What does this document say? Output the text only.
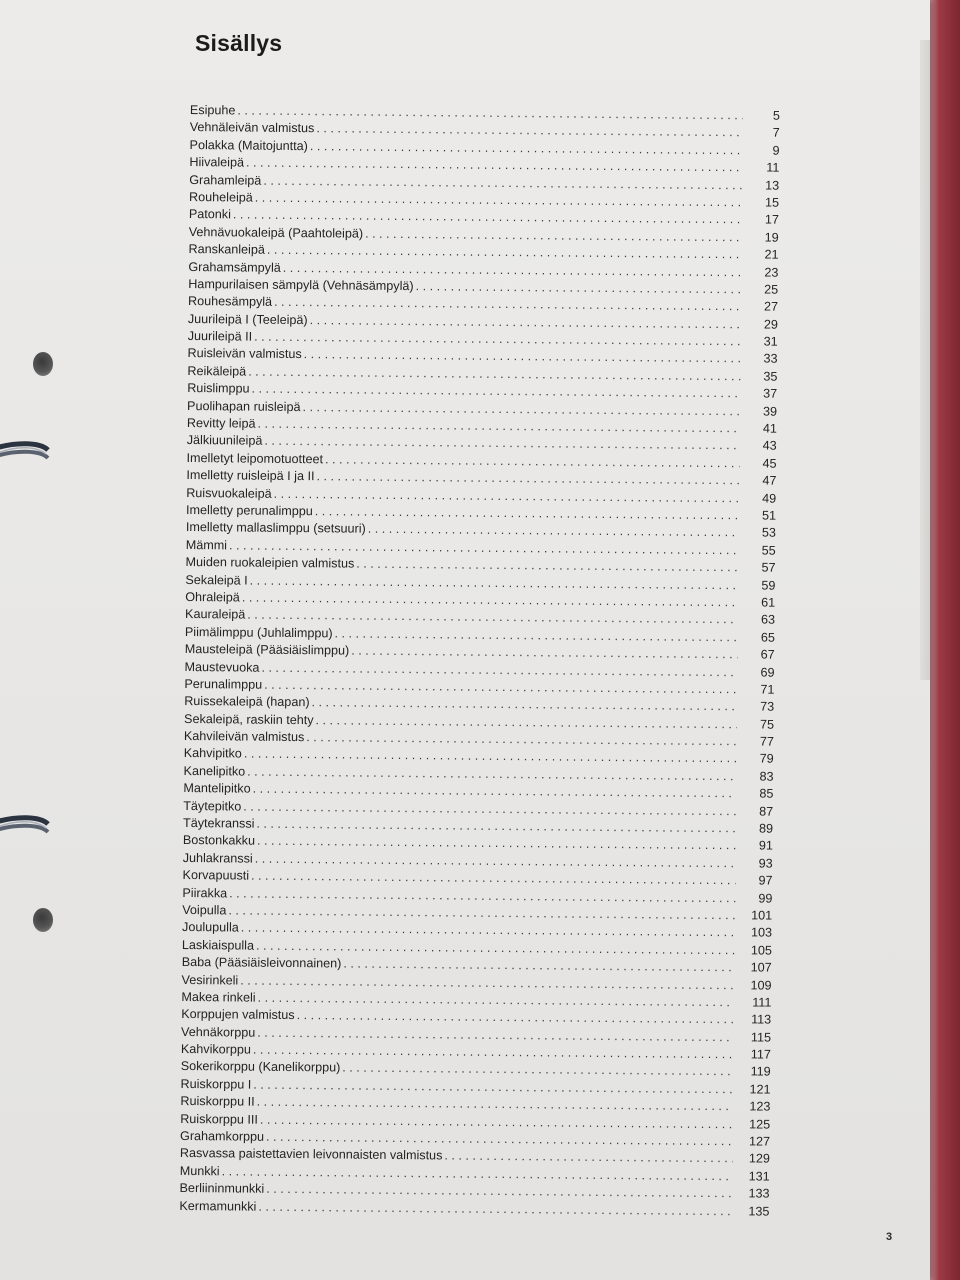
Sisällys
Esipuhe . . .	5
Vehnäleivän valmistus . . .	7
Polakka (Maitojuntta) . . .	9
Hiivaleipä . . .	11
Grahamleipä . . .	13
Rouheleipä . . .	15
Patonki . . .	17
Vehnävuokaleipä (Paahtoleipä) . . .	19
Ranskanleipä . . .	21
Grahamsämpylä . . .	23
Hampurilaisen sämpylä (Vehnäsämpylä) . . .	25
Rouhesämpylä . . .	27
Juurileipä I (Teeleipä) . . .	29
Juurileipä II . . .	31
Ruisleivän valmistus . . .	33
Reikäleipä . . .	35
Ruislimppu . . .	37
Puolihapan ruisleipä . . .	39
Revitty leipä . . .	41
Jälkiuunileipä . . .	43
Imelletyt leipomotuotteet . . .	45
Imelletty ruisleipä I ja II . . .	47
Ruisvuokaleipä . . .	49
Imelletty perunalimppu . . .	51
Imelletty mallaslimppu (setsuuri) . . .	53
Mämmi . . .	55
Muiden ruokaleipien valmistus . . .	57
Sekaleipä I . . .	59
Ohraleipä . . .	61
Kauraleipä . . .	63
Piimälimppu (Juhlalimppu) . . .	65
Mausteleipä (Pääsiäislimppu) . . .	67
Maustevuoka . . .	69
Perunalimppu . . .	71
Ruissekaleipä (hapan) . . .	73
Sekaleipä, raskiin tehty . . .	75
Kahvileivän valmistus . . .	77
Kahvipitko . . .	79
Kanelipitko . . .	83
Mantelipitko . . .	85
Täytepitko . . .	87
Täytekranssi . . .	89
Bostonkakku . . .	91
Juhlakranssi . . .	93
Korvapuusti . . .	97
Piirakka . . .	99
Voipulla . . .	101
Joulupulla . . .	103
Laskiaispulla . . .	105
Baba (Pääsiäisleivonnainen) . . .	107
Vesirinkeli . . .	109
Makea rinkeli . . .	111
Korppujen valmistus . . .	113
Vehnäkorppu . . .	115
Kahvikorppu . . .	117
Sokerikorppu (Kanelikorppu) . . .	119
Ruiskorppu I . . .	121
Ruiskorppu II . . .	123
Ruiskorppu III . . .	125
Grahamkorppu . . .	127
Rasvassa paistettavien leivonnaisten valmistus . . .	129
Munkki . . .	131
Berliininmunkki . . .	133
Kermamunkki . . .	135
3
